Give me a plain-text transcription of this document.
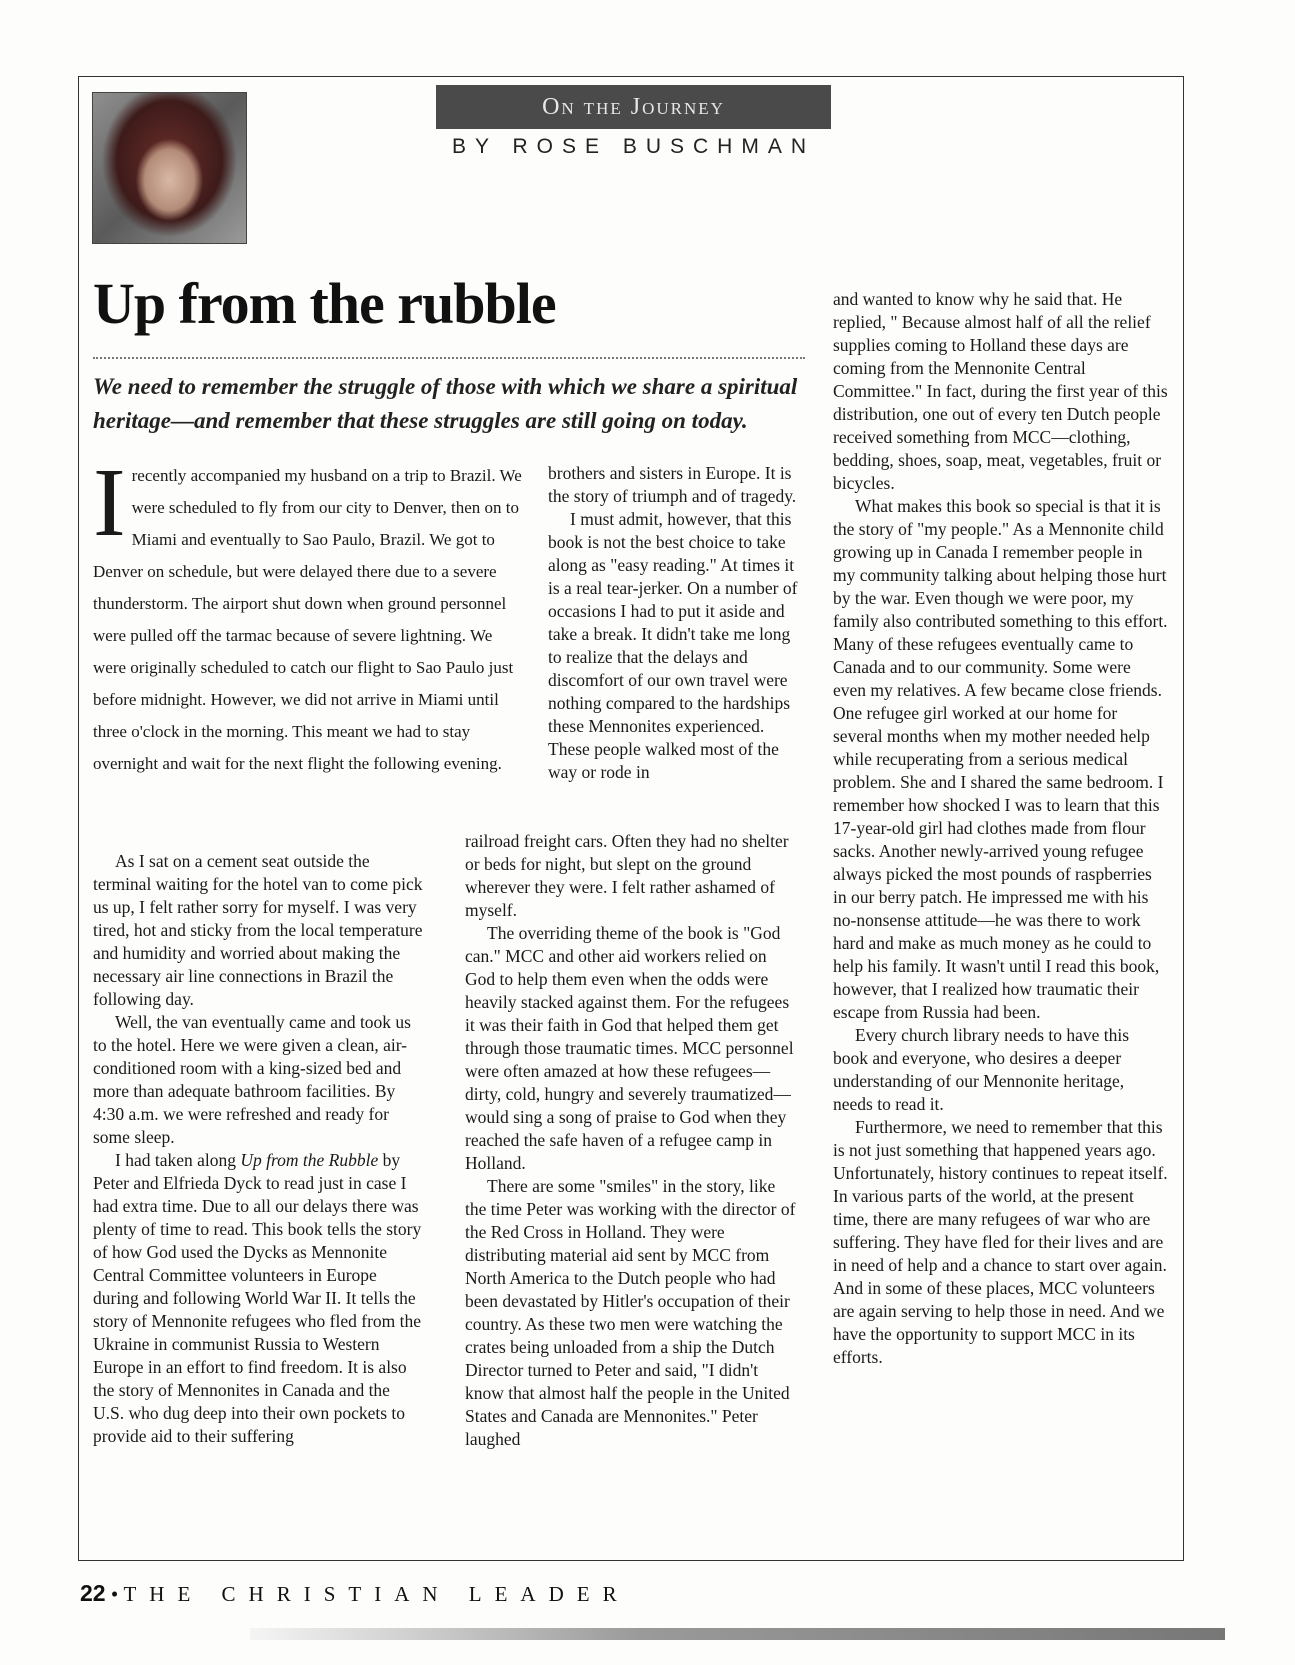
On the Journey
BY ROSE BUSCHMAN
Up from the rubble

We need to remember the struggle of those with which we share a spiritual heritage—and remember that these struggles are still going on today.

I recently accompanied my husband on a trip to Brazil. We were scheduled to fly from our city to Denver, then on to Miami and eventually to Sao Paulo, Brazil. We got to Denver on schedule, but were delayed there due to a severe thunderstorm. The airport shut down when ground personnel were pulled off the tarmac because of severe lightning. We were originally scheduled to catch our flight to Sao Paulo just before midnight. However, we did not arrive in Miami until three o'clock in the morning. This meant we had to stay overnight and wait for the next flight the following evening.

As I sat on a cement seat outside the terminal waiting for the hotel van to come pick us up, I felt rather sorry for myself. I was very tired, hot and sticky from the local temperature and humidity and worried about making the necessary air line connections in Brazil the following day.

Well, the van eventually came and took us to the hotel. Here we were given a clean, air-conditioned room with a king-sized bed and more than adequate bathroom facilities. By 4:30 a.m. we were refreshed and ready for some sleep.

I had taken along Up from the Rubble by Peter and Elfrieda Dyck to read just in case I had extra time. Due to all our delays there was plenty of time to read. This book tells the story of how God used the Dycks as Mennonite Central Committee volunteers in Europe during and following World War II. It tells the story of Mennonite refugees who fled from the Ukraine in communist Russia to Western Europe in an effort to find freedom. It is also the story of Mennonites in Canada and the U.S. who dug deep into their own pockets to provide aid to their suffering

brothers and sisters in Europe. It is the story of triumph and of tragedy.

I must admit, however, that this book is not the best choice to take along as "easy reading." At times it is a real tear-jerker. On a number of occasions I had to put it aside and take a break. It didn't take me long to realize that the delays and discomfort of our own travel were nothing compared to the hardships these Mennonites experienced. These people walked most of the way or rode in

railroad freight cars. Often they had no shelter or beds for night, but slept on the ground wherever they were. I felt rather ashamed of myself.

The overriding theme of the book is "God can." MCC and other aid workers relied on God to help them even when the odds were heavily stacked against them. For the refugees it was their faith in God that helped them get through those traumatic times. MCC personnel were often amazed at how these refugees—dirty, cold, hungry and severely traumatized—would sing a song of praise to God when they reached the safe haven of a refugee camp in Holland.

There are some "smiles" in the story, like the time Peter was working with the director of the Red Cross in Holland. They were distributing material aid sent by MCC from North America to the Dutch people who had been devastated by Hitler's occupation of their country. As these two men were watching the crates being unloaded from a ship the Dutch Director turned to Peter and said, "I didn't know that almost half the people in the United States and Canada are Mennonites." Peter laughed

and wanted to know why he said that. He replied, " Because almost half of all the relief supplies coming to Holland these days are coming from the Mennonite Central Committee." In fact, during the first year of this distribution, one out of every ten Dutch people received something from MCC—clothing, bedding, shoes, soap, meat, vegetables, fruit or bicycles.

What makes this book so special is that it is the story of "my people." As a Mennonite child growing up in Canada I remember people in my community talking about helping those hurt by the war. Even though we were poor, my family also contributed something to this effort. Many of these refugees eventually came to Canada and to our community. Some were even my relatives. A few became close friends. One refugee girl worked at our home for several months when my mother needed help while recuperating from a serious medical problem. She and I shared the same bedroom. I remember how shocked I was to learn that this 17-year-old girl had clothes made from flour sacks. Another newly-arrived young refugee always picked the most pounds of raspberries in our berry patch. He impressed me with his no-nonsense attitude—he was there to work hard and make as much money as he could to help his family. It wasn't until I read this book, however, that I realized how traumatic their escape from Russia had been.

Every church library needs to have this book and everyone, who desires a deeper understanding of our Mennonite heritage, needs to read it.

Furthermore, we need to remember that this is not just something that happened years ago. Unfortunately, history continues to repeat itself. In various parts of the world, at the present time, there are many refugees of war who are suffering. They have fled for their lives and are in need of help and a chance to start over again. And in some of these places, MCC volunteers are again serving to help those in need. And we have the opportunity to support MCC in its efforts.

22 • THE CHRISTIAN LEADER
